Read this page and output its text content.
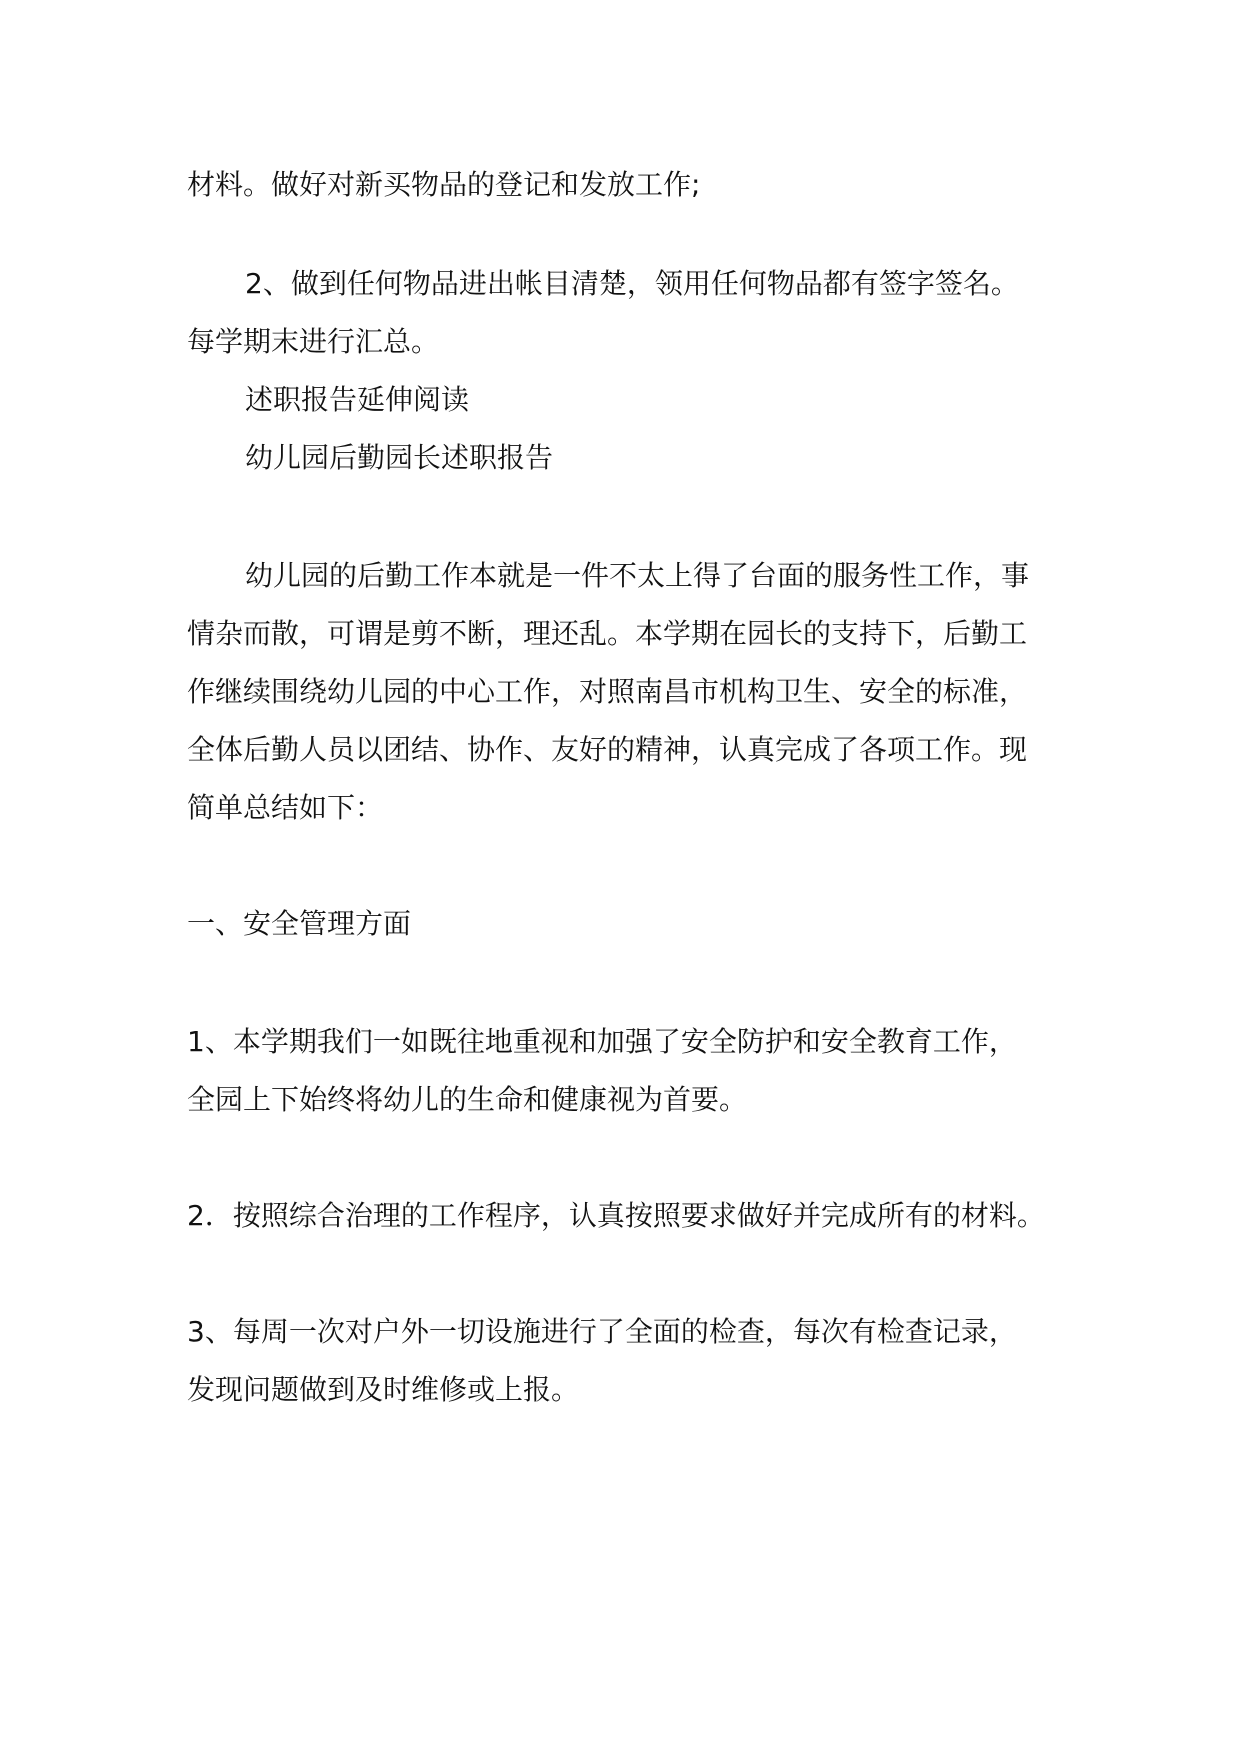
材料。做好对新买物品的登记和发放工作;
2、做到任何物品进出帐目清楚，领用任何物品都有签字签名。
每学期末进行汇总。
述职报告延伸阅读
幼儿园后勤园长述职报告
幼儿园的后勤工作本就是一件不太上得了台面的服务性工作，事
情杂而散，可谓是剪不断，理还乱。本学期在园长的支持下，后勤工
作继续围绕幼儿园的中心工作，对照南昌市机构卫生、安全的标准，
全体后勤人员以团结、协作、友好的精神，认真完成了各项工作。现
简单总结如下：
一、安全管理方面
1、本学期我们一如既往地重视和加强了安全防护和安全教育工作，
全园上下始终将幼儿的生命和健康视为首要。
2．按照综合治理的工作程序，认真按照要求做好并完成所有的材料。
3、每周一次对户外一切设施进行了全面的检查，每次有检查记录，
发现问题做到及时维修或上报。
